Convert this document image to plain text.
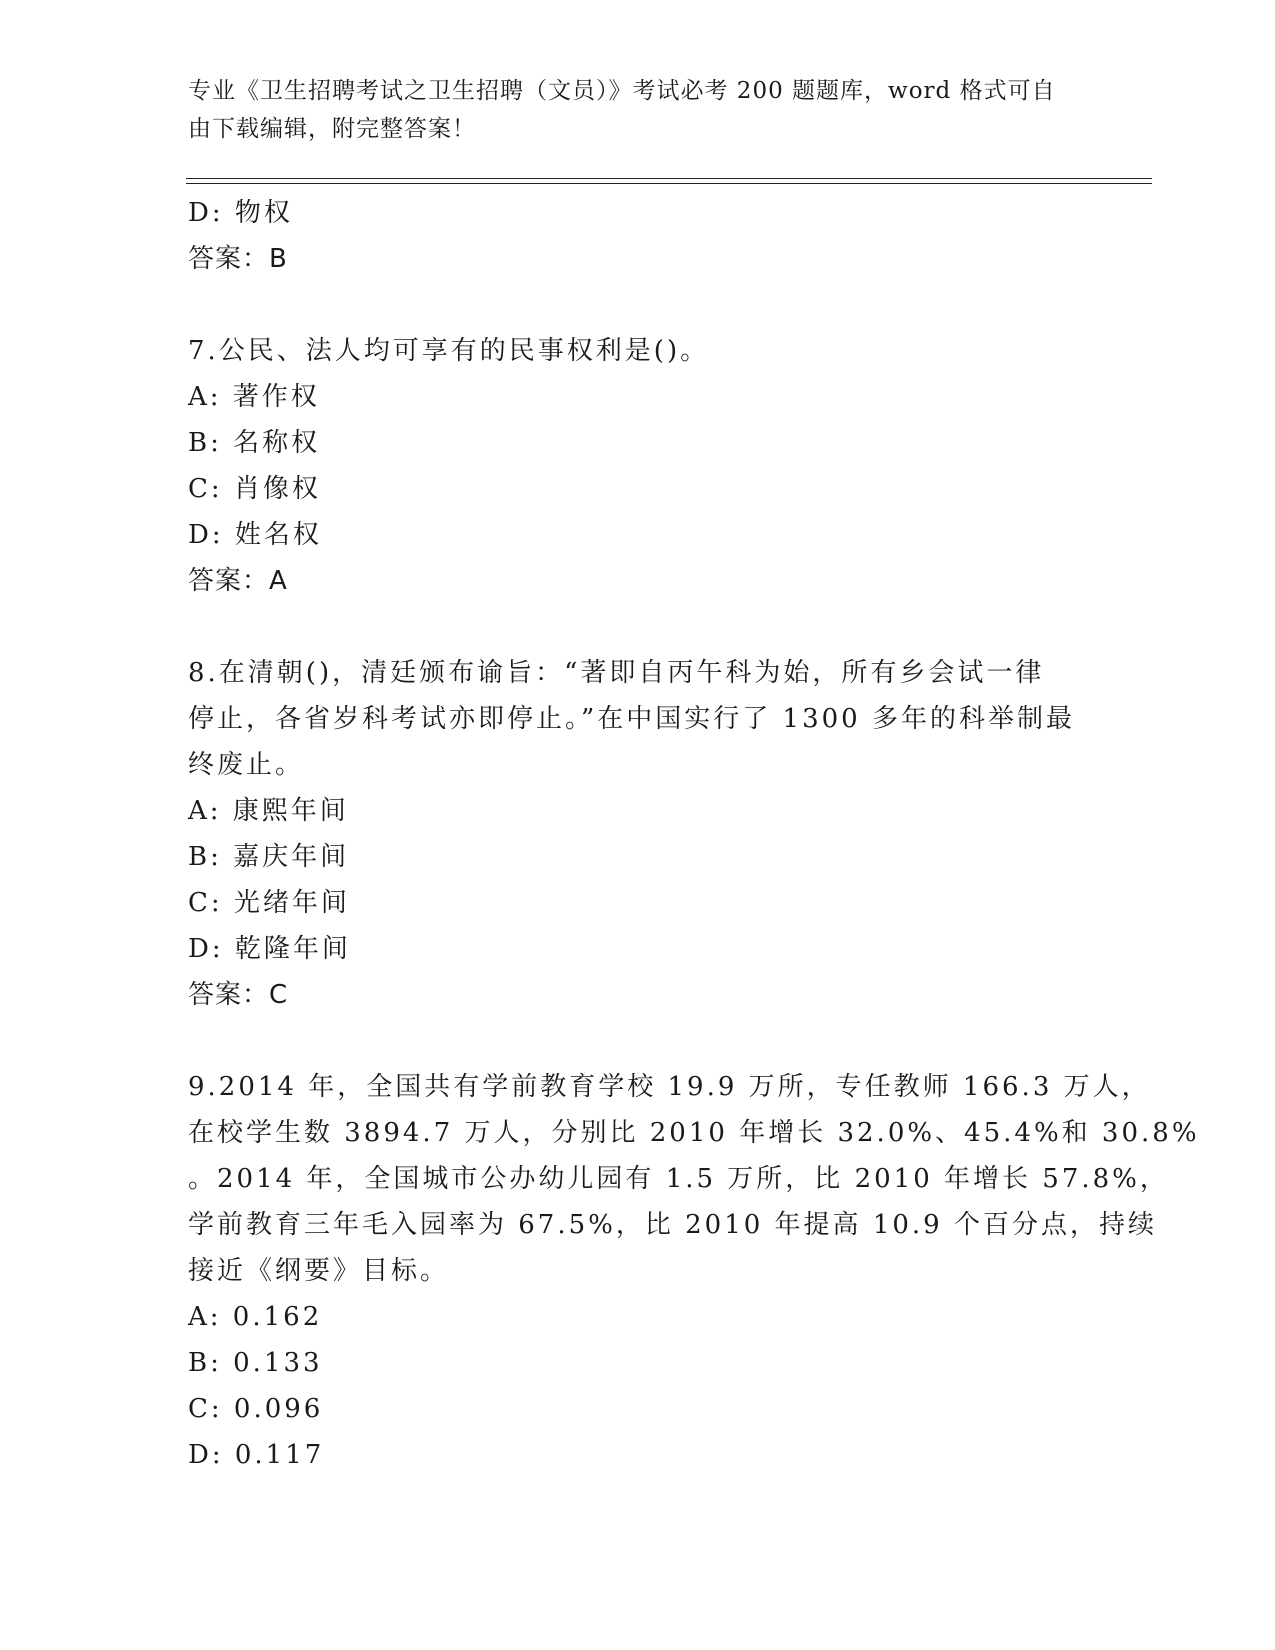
专业《卫生招聘考试之卫生招聘（文员）》考试必考 200 题题库，word 格式可自
由下载编辑，附完整答案！
D: 物权
答案：B

7.公民、法人均可享有的民事权利是()。

A: 著作权
B: 名称权
C: 肖像权
D: 姓名权
答案：A

8.在清朝()，清廷颁布谕旨：“著即自丙午科为始，所有乡会试一律

停止，各省岁科考试亦即停止。”在中国实行了 1300 多年的科举制最

终废止。

A: 康熙年间
B: 嘉庆年间
C: 光绪年间
D: 乾隆年间
答案：C

9.2014 年，全国共有学前教育学校 19.9 万所，专任教师 166.3 万人，

在校学生数 3894.7 万人，分别比 2010 年增长 32.0%、45.4%和 30.8%

。2014 年，全国城市公办幼儿园有 1.5 万所，比 2010 年增长 57.8%，

学前教育三年毛入园率为 67.5%，比 2010 年提高 10.9 个百分点，持续

接近《纲要》目标。

A: 0.162
B: 0.133
C: 0.096
D: 0.117
